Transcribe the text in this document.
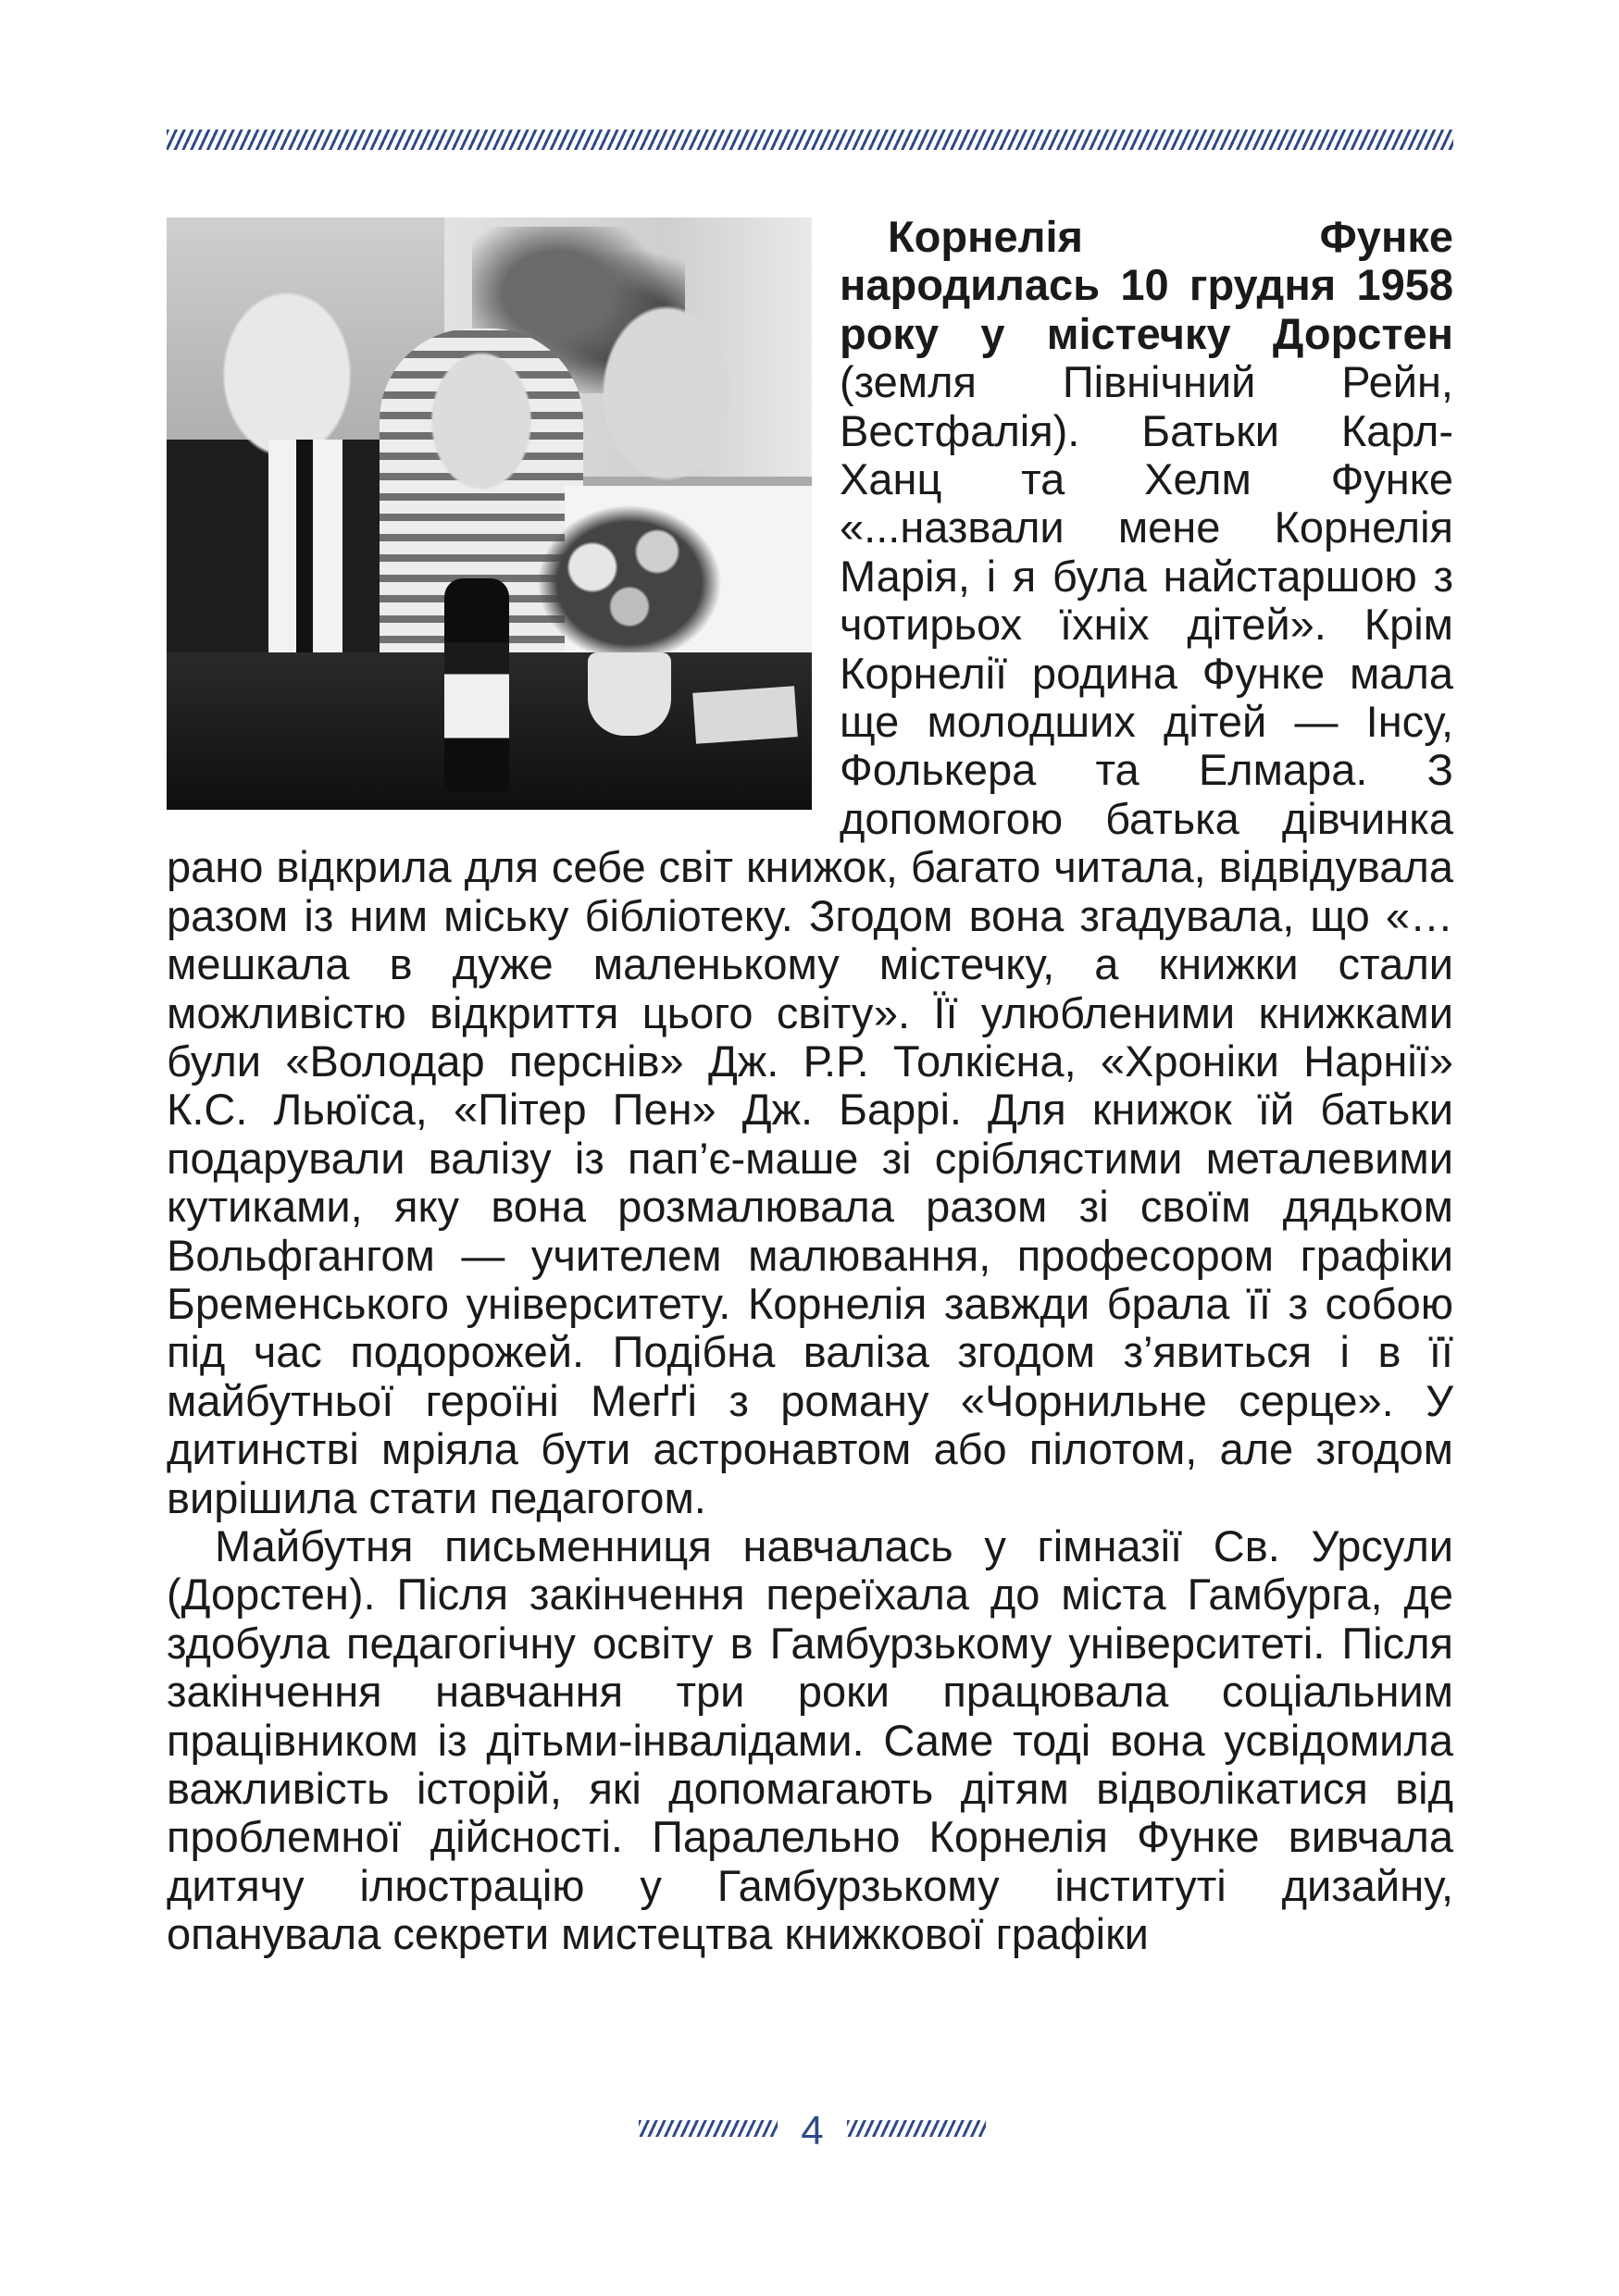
Корнелія Функе народилась 10 грудня 1958 року у містечку Дорстен (земля Північний Рейн, Вестфалія). Батьки Карл-Ханц та Хелм Функе «...назвали мене Корнелія Марія, і я була найстаршою з чотирьох їхніх дітей». Крім Корнелії родина Функе мала ще молодших дітей — Інсу, Фолькера та Елмара. З допомогою батька дівчинка рано відкрила для себе світ книжок, багато читала, відвідувала разом із ним міську бібліотеку. Згодом вона згадувала, що «…мешкала в дуже маленькому містечку, а книжки стали можливістю відкриття цього світу». Її улюбленими книжками були «Володар перснів» Дж. Р.Р. Толкієна, «Хроніки Нарнії» К.С. Льюїса, «Пітер Пен» Дж. Баррі. Для книжок їй батьки подарували валізу із пап’є-маше зі сріблястими металевими кутиками, яку вона розмалювала разом зі своїм дядьком Вольфгангом — учителем малювання, професором графіки Бременського університету. Корнелія завжди брала її з собою під час подорожей. Подібна валіза згодом з’явиться і в її майбутньої героїні Меґґі з роману «Чорнильне серце». У дитинстві мріяла бути астронавтом або пілотом, але згодом вирішила стати педагогом.

Майбутня письменниця навчалась у гімназії Св. Урсули (Дорстен). Після закінчення переїхала до міста Гамбурга, де здобула педагогічну освіту в Гамбурзькому університеті. Після закінчення навчання три роки працювала соціальним працівником із дітьми-інвалідами. Саме тоді вона усвідомила важливість історій, які допомагають дітям відволікатися від проблемної дійсності. Паралельно Корнелія Функе вивчала дитячу ілюстрацію у Гамбурзькому інституті дизайну, опанувала секрети мистецтва книжкової графіки

4
